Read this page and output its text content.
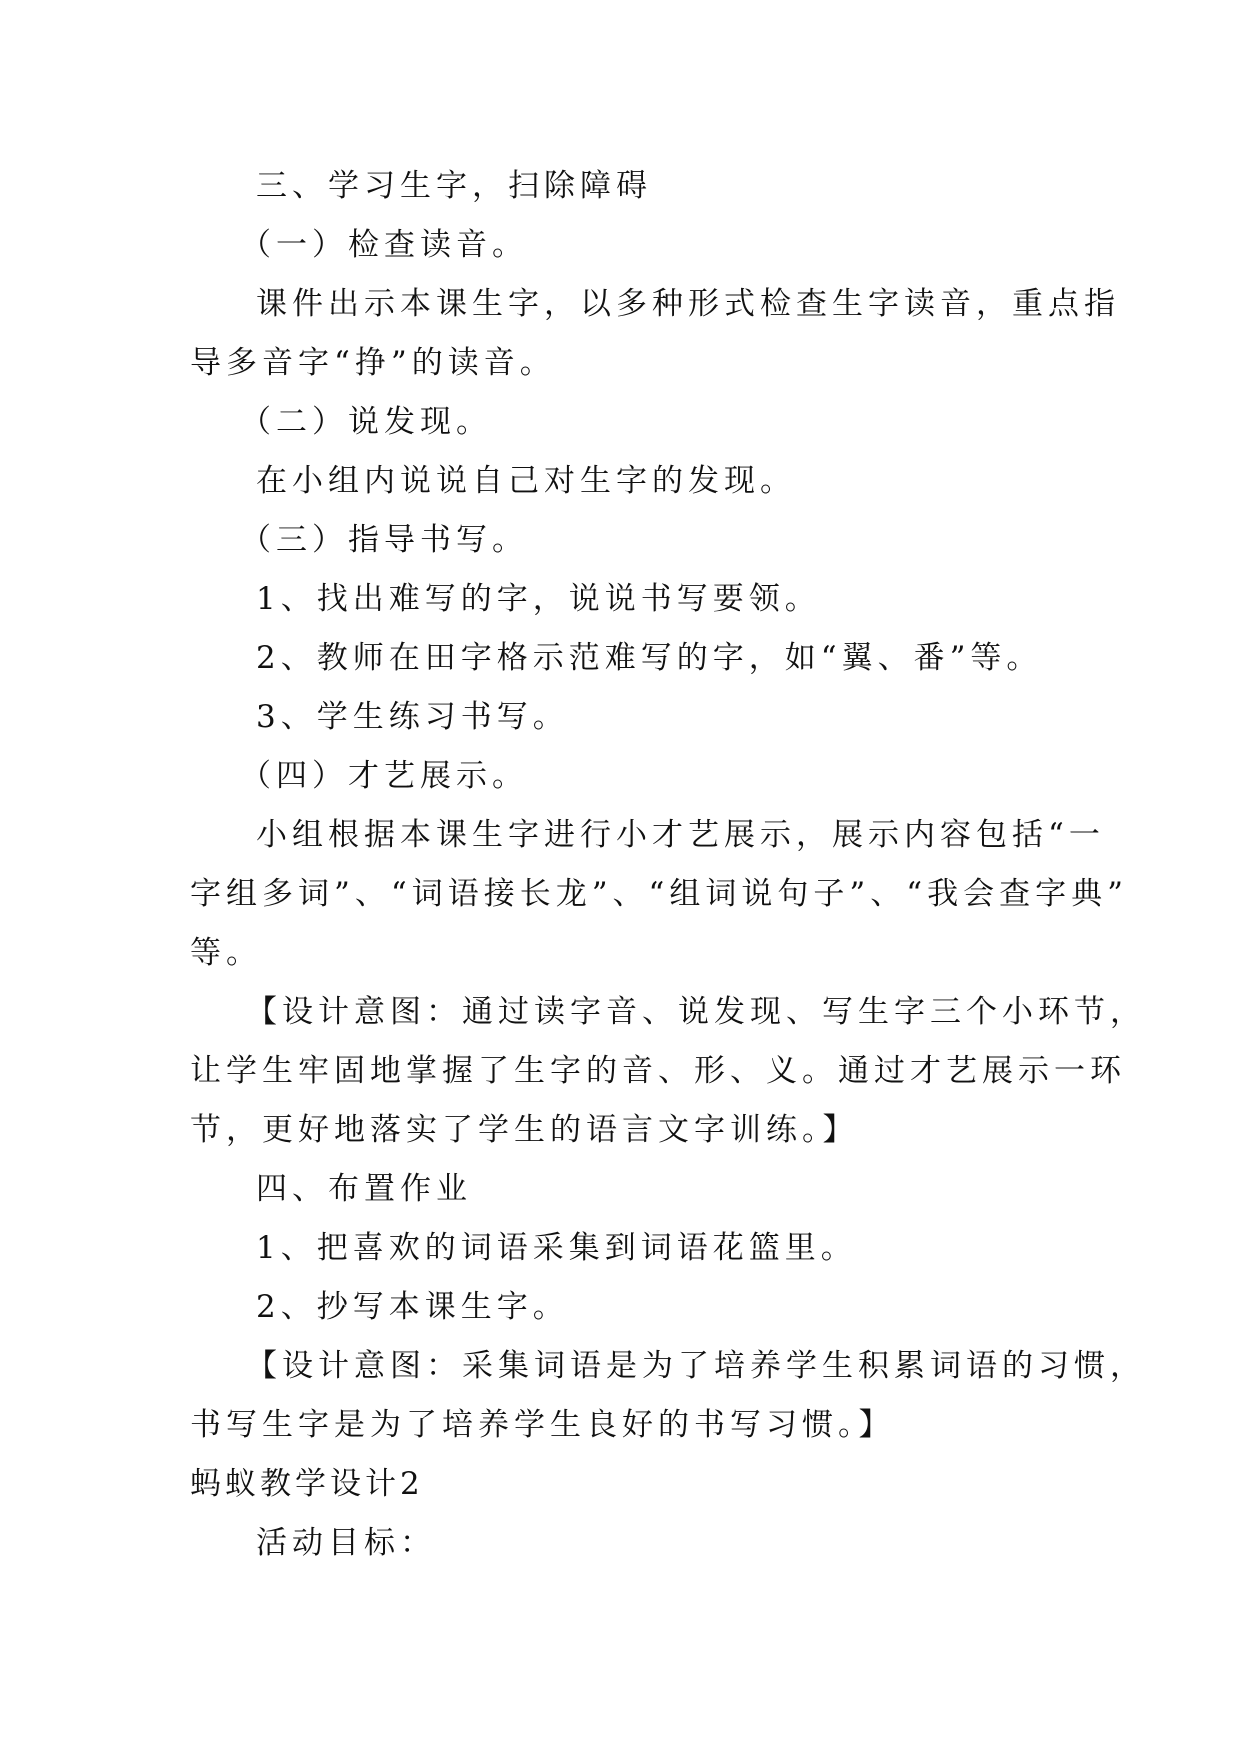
三、学习生字，扫除障碍
（一）检查读音。
课件出示本课生字，以多种形式检查生字读音，重点指
导多音字“挣”的读音。
（二）说发现。
在小组内说说自己对生字的发现。
（三）指导书写。
1、找出难写的字，说说书写要领。
2、教师在田字格示范难写的字，如“翼、番”等。
3、学生练习书写。
（四）才艺展示。
小组根据本课生字进行小才艺展示，展示内容包括“一
字组多词”、“词语接长龙”、“组词说句子”、“我会查字典”
等。
【设计意图：通过读字音、说发现、写生字三个小环节，
让学生牢固地掌握了生字的音、形、义。通过才艺展示一环
节，更好地落实了学生的语言文字训练。】
四、布置作业
1、把喜欢的词语采集到词语花篮里。
2、抄写本课生字。
【设计意图：采集词语是为了培养学生积累词语的习惯，
书写生字是为了培养学生良好的书写习惯。】
蚂蚁教学设计2
活动目标：
